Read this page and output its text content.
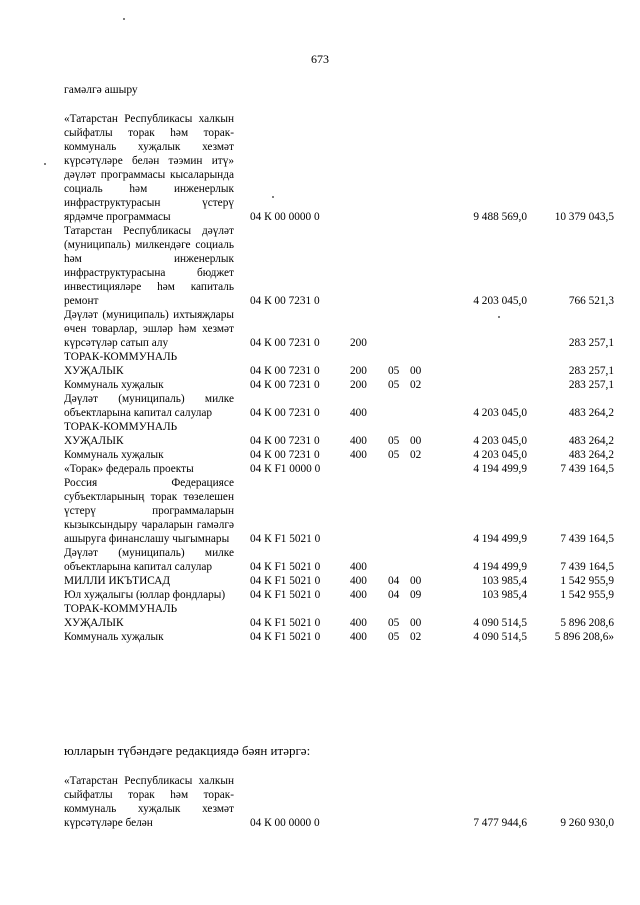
673
гамәлгә ашыру
«Татарстан Республикасы халкын сыйфатлы торак һәм торак-коммуналь хуҗалык хезмәт күрсәтүләре белән тәэмин итү» дәүләт программасы кысаларында социаль һәм инженерлык инфраструктурасын үстерү ярдәмче программасы	04 К 00 0000 0				9 488 569,0	10 379 043,5
Татарстан Республикасы дәүләт (муниципаль) милкендәге социаль һәм инженерлык инфраструктурасына бюджет инвестицияләре һәм капиталь ремонт	04 К 00 7231 0				4 203 045,0	766 521,3
Дәүләт (муниципаль) ихтыяҗлары өчен товарлар, эшләр һәм хезмәт күрсәтүләр сатып алу	04 К 00 7231 0	200				283 257,1
ТОРАК-КОММУНАЛЬ ХУҖАЛЫК	04 К 00 7231 0	200	05	00		283 257,1
Коммуналь хуҗалык	04 К 00 7231 0	200	05	02		283 257,1
Дәүләт (муниципаль) милке объектларына капитал салулар	04 К 00 7231 0	400			4 203 045,0	483 264,2
ТОРАК-КОММУНАЛЬ ХУҖАЛЫК	04 К 00 7231 0	400	05	00	4 203 045,0	483 264,2
Коммуналь хуҗалык	04 К 00 7231 0	400	05	02	4 203 045,0	483 264,2
«Торак» федераль проекты	04 К F1 0000 0				4 194 499,9	7 439 164,5
Россия Федерациясе субъектларының торак төзелешен үстерү программаларын кызыксындыру чараларын гамәлгә ашыруга финанслашу чыгымнары	04 К F1 5021 0				4 194 499,9	7 439 164,5
Дәүләт (муниципаль) милке объектларына капитал салулар	04 К F1 5021 0	400			4 194 499,9	7 439 164,5
МИЛЛИ ИКЪТИСАД	04 К F1 5021 0	400	04	00	103 985,4	1 542 955,9
Юл хуҗалыгы (юллар фондлары)	04 К F1 5021 0	400	04	09	103 985,4	1 542 955,9
ТОРАК-КОММУНАЛЬ ХУҖАЛЫК	04 К F1 5021 0	400	05	00	4 090 514,5	5 896 208,6
Коммуналь хуҗалык	04 К F1 5021 0	400	05	02	4 090 514,5	5 896 208,6»
юлларын түбәндәге редакциядә бәян итәргә:
«Татарстан Республикасы халкын сыйфатлы торак һәм торак-коммуналь хуҗалык хезмәт күрсәтүләре белән	04 К 00 0000 0				7 477 944,6	9 260 930,0
